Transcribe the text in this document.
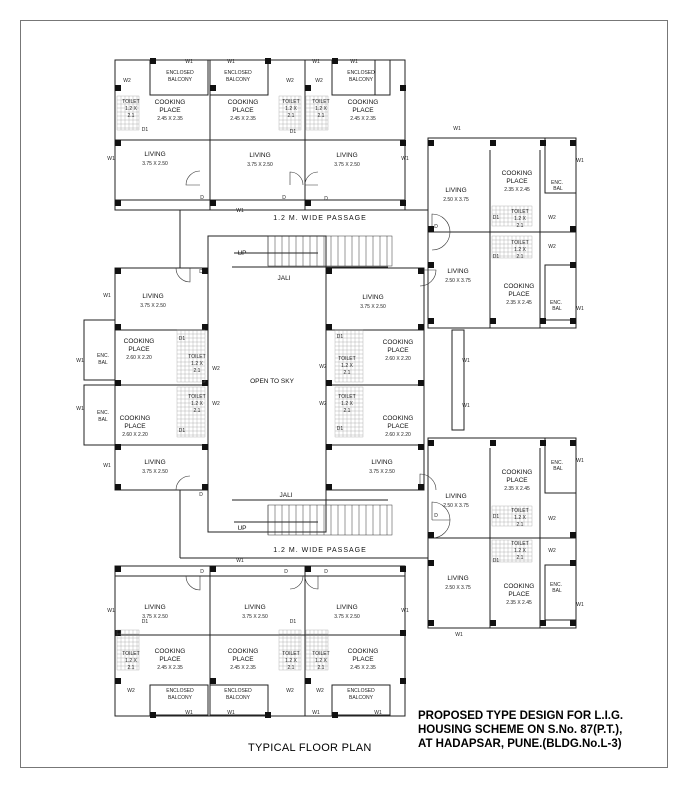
ENCLOSED
BALCONY
ENCLOSED
BALCONY
ENCLOSED
BALCONY
TOILET
1.2 X
2.1
TOILET
1.2 X
2.1
TOILET
1.2 X
2.1
COOKING
PLACE
2.45 X 2.35
COOKING
PLACE
2.45 X 2.35
COOKING
PLACE
2.45 X 2.35
LIVING
3.75 X 2.50
LIVING
3.75 X 2.50
LIVING
3.75 X 2.50
W1	W1	W1	W1
W2	W2	W2
W1	W1
W1
D1	D1
D	D	D
1.2 M. WIDE PASSAGE
LIVING
2.50 X 3.75
LIVING
2.50 X 3.75
COOKING
PLACE
2.35 X 2.45
COOKING
PLACE
2.35 X 2.45
ENC.
BAL
ENC.
BAL
TOILET
1.2 X
2.1
TOILET
1.2 X
2.1
W1
W1
W1
W2
W2
D1
D1
D
UP
JALI
OPEN TO SKY
LIVING
3.75 X 2.50
LIVING
3.75 X 2.50
COOKING
PLACE
2.60 X 2.20
COOKING
PLACE
2.60 X 2.20
ENC.
BAL
ENC.
BAL
TOILET
1.2 X
2.1
TOILET
1.2 X
2.1
W1
W1
W1
W1
W2
W2
D1
D1
D
D
LIVING
3.75 X 2.50
LIVING
3.75 X 2.50
COOKING
PLACE
2.60 X 2.20
COOKING
PLACE
2.60 X 2.20
TOILET
1.2 X
2.1
TOILET
1.2 X
2.1
W2
W2
W1
W1
D1
D1
LIVING
2.50 X 3.75
LIVING
2.50 X 3.75
COOKING
PLACE
2.35 X 2.45
COOKING
PLACE
2.35 X 2.45
ENC.
BAL
ENC.
BAL
TOILET
1.2 X
2.1
TOILET
1.2 X
2.1
W1
W1
W1
W2
W2
D1
D1
D
JALI
UP
1.2 M. WIDE PASSAGE
LIVING
3.75 X 2.50
LIVING
3.75 X 2.50
LIVING
3.75 X 2.50
COOKING
PLACE
2.45 X 2.35
COOKING
PLACE
2.45 X 2.35
COOKING
PLACE
2.45 X 2.35
TOILET
1.2 X
2.1
TOILET
1.2 X
2.1
TOILET
1.2 X
2.1
ENCLOSED
BALCONY
ENCLOSED
BALCONY
ENCLOSED
BALCONY
W1
W1	W1
W1	W1	W1	W1
W2	W2	W2
D1	D1
D	D	D
PROPOSED TYPE DESIGN FOR L.I.G.
HOUSING SCHEME ON S.No. 87(P.T.),
AT HADAPSAR, PUNE.(BLDG.No.L-3)
TYPICAL FLOOR PLAN
